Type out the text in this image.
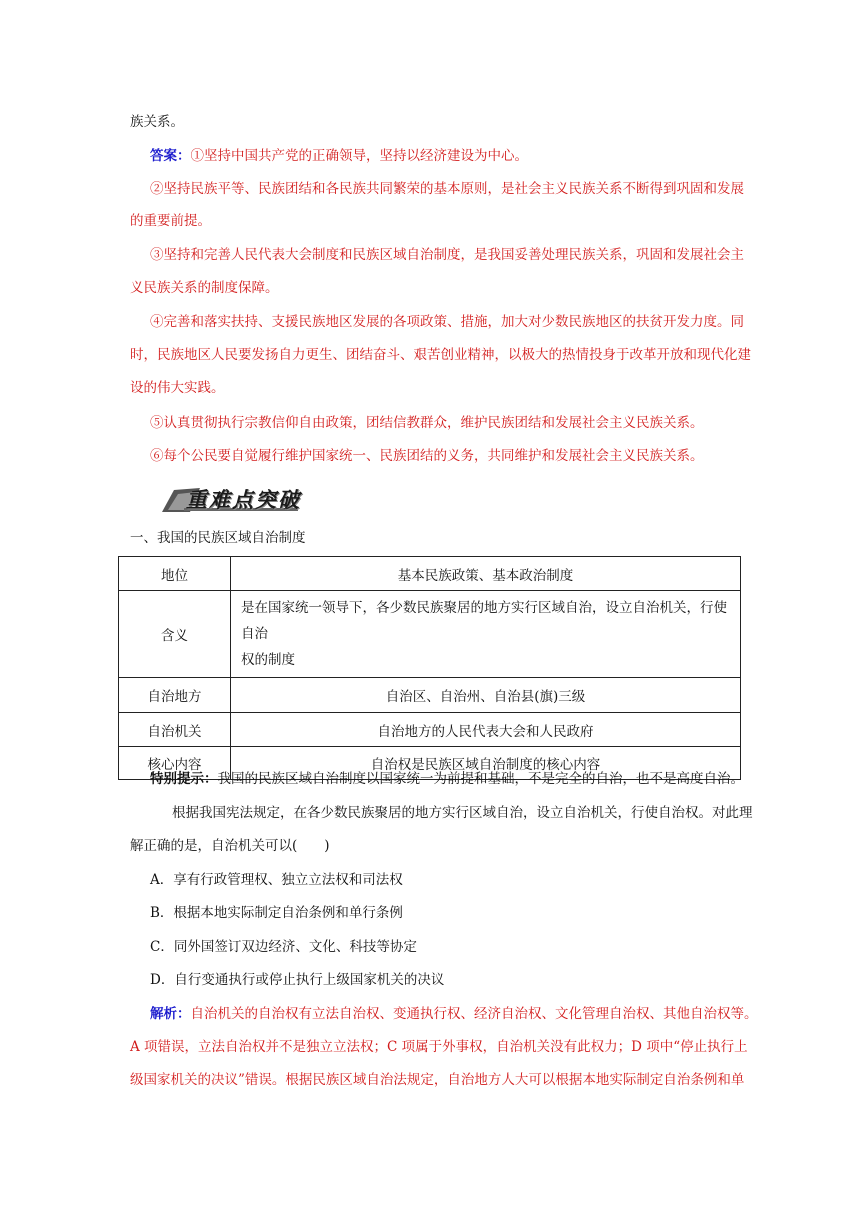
族关系。
答案：①坚持中国共产党的正确领导，坚持以经济建设为中心。
②坚持民族平等、民族团结和各民族共同繁荣的基本原则，是社会主义民族关系不断得到巩固和发展
的重要前提。
③坚持和完善人民代表大会制度和民族区域自治制度，是我国妥善处理民族关系，巩固和发展社会主
义民族关系的制度保障。
④完善和落实扶持、支援民族地区发展的各项政策、措施，加大对少数民族地区的扶贫开发力度。同
时，民族地区人民要发扬自力更生、团结奋斗、艰苦创业精神，以极大的热情投身于改革开放和现代化建
设的伟大实践。
⑤认真贯彻执行宗教信仰自由政策，团结信教群众，维护民族团结和发展社会主义民族关系。
⑥每个公民要自觉履行维护国家统一、民族团结的义务，共同维护和发展社会主义民族关系。
重难点突破
一、我国的民族区域自治制度
地位	基本民族政策、基本政治制度
含义	是在国家统一领导下，各少数民族聚居的地方实行区域自治，设立自治机关，行使自治
权的制度

自治地方	自治区、自治州、自治县(旗)三级
自治机关	自治地方的人民代表大会和人民政府
核心内容	自治权是民族区域自治制度的核心内容
特别提示：我国的民族区域自治制度以国家统一为前提和基础，不是完全的自治，也不是高度自治。
根据我国宪法规定，在各少数民族聚居的地方实行区域自治，设立自治机关，行使自治权。对此理
解正确的是，自治机关可以(　　)
A．享有行政管理权、独立立法权和司法权
B．根据本地实际制定自治条例和单行条例
C．同外国签订双边经济、文化、科技等协定
D．自行变通执行或停止执行上级国家机关的决议
解析：自治机关的自治权有立法自治权、变通执行权、经济自治权、文化管理自治权、其他自治权等。
A 项错误，立法自治权并不是独立立法权；C 项属于外事权，自治机关没有此权力；D 项中“停止执行上
级国家机关的决议”错误。根据民族区域自治法规定，自治地方人大可以根据本地实际制定自治条例和单
